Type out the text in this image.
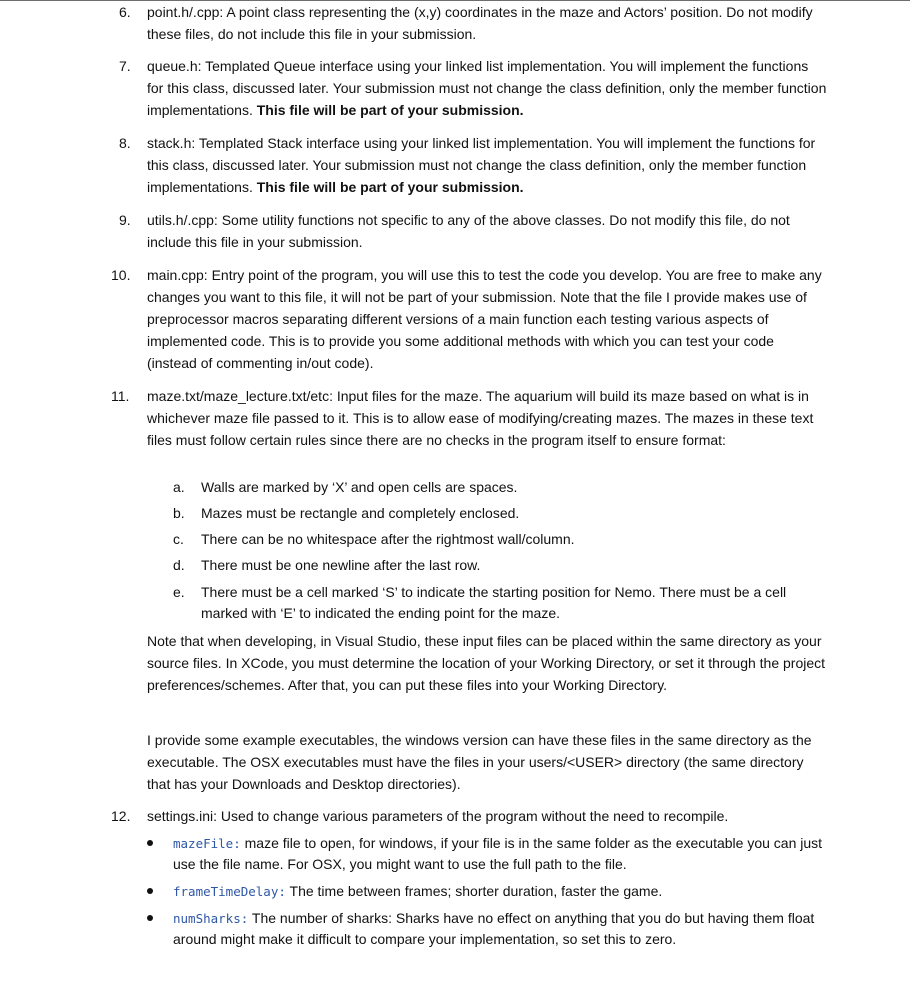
6. point.h/.cpp: A point class representing the (x,y) coordinates in the maze and Actors’ position. Do not modify these files, do not include this file in your submission.
7. queue.h: Templated Queue interface using your linked list implementation. You will implement the functions for this class, discussed later. Your submission must not change the class definition, only the member function implementations. This file will be part of your submission.
8. stack.h: Templated Stack interface using your linked list implementation. You will implement the functions for this class, discussed later. Your submission must not change the class definition, only the member function implementations. This file will be part of your submission.
9. utils.h/.cpp: Some utility functions not specific to any of the above classes. Do not modify this file, do not include this file in your submission.
10. main.cpp: Entry point of the program, you will use this to test the code you develop. You are free to make any changes you want to this file, it will not be part of your submission. Note that the file I provide makes use of preprocessor macros separating different versions of a main function each testing various aspects of implemented code. This is to provide you some additional methods with which you can test your code (instead of commenting in/out code).
11. maze.txt/maze_lecture.txt/etc: Input files for the maze. The aquarium will build its maze based on what is in whichever maze file passed to it. This is to allow ease of modifying/creating mazes. The mazes in these text files must follow certain rules since there are no checks in the program itself to ensure format:
a. Walls are marked by ‘X’ and open cells are spaces.
b. Mazes must be rectangle and completely enclosed.
c. There can be no whitespace after the rightmost wall/column.
d. There must be one newline after the last row.
e. There must be a cell marked ‘S’ to indicate the starting position for Nemo. There must be a cell marked with ‘E’ to indicated the ending point for the maze.
Note that when developing, in Visual Studio, these input files can be placed within the same directory as your source files. In XCode, you must determine the location of your Working Directory, or set it through the project preferences/schemes. After that, you can put these files into your Working Directory.
I provide some example executables, the windows version can have these files in the same directory as the executable. The OSX executables must have the files in your users/<USER> directory (the same directory that has your Downloads and Desktop directories).
12. settings.ini: Used to change various parameters of the program without the need to recompile.
mazeFile: maze file to open, for windows, if your file is in the same folder as the executable you can just use the file name. For OSX, you might want to use the full path to the file.
frameTimeDelay: The time between frames; shorter duration, faster the game.
numSharks: The number of sharks: Sharks have no effect on anything that you do but having them float around might make it difficult to compare your implementation, so set this to zero.
